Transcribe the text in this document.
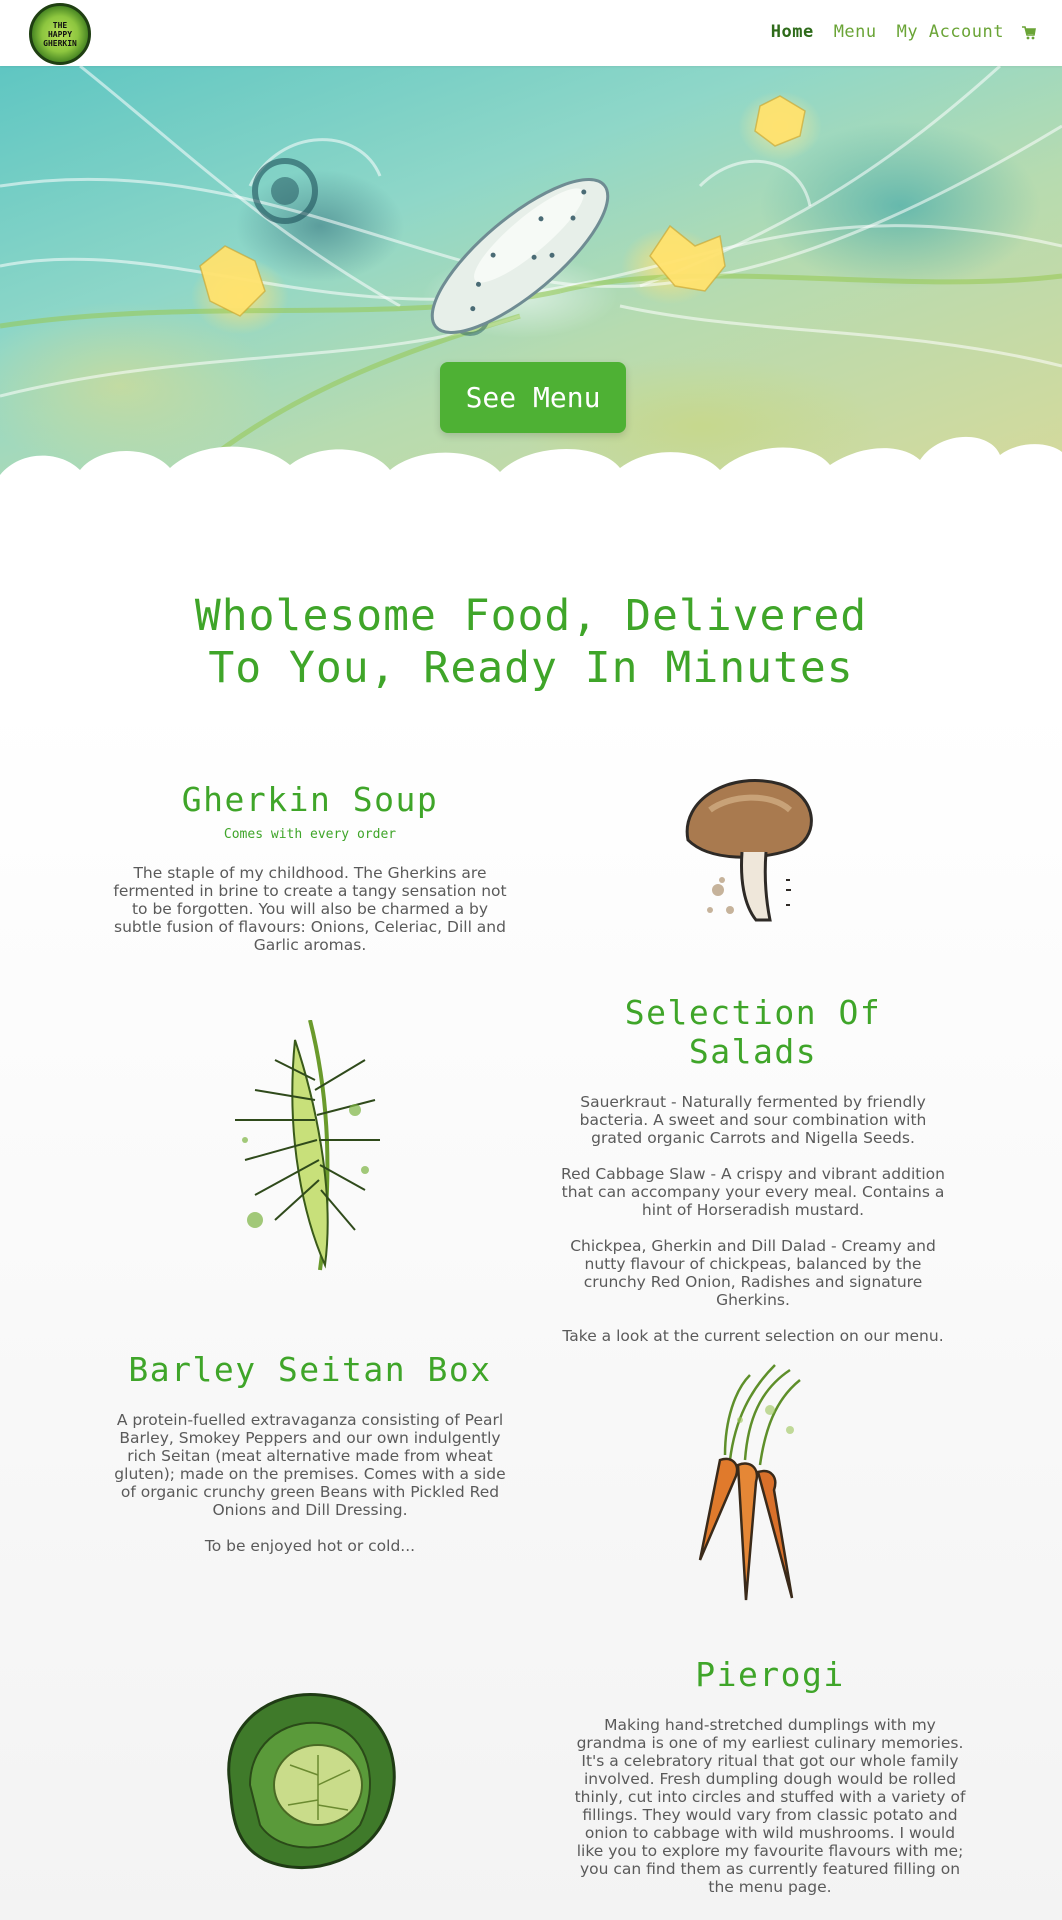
THE
HAPPY
GHERKIN
Home Menu My Account
See Menu
Wholesome Food, Delivered To You, Ready In Minutes
Gherkin Soup
Comes with every order

The staple of my childhood. The Gherkins are fermented in brine to create a tangy sensation not to be forgotten. You will also be charmed a by subtle fusion of flavours: Onions, Celeriac, Dill and Garlic aromas.

Selection Of Salads

Sauerkraut - Naturally fermented by friendly bacteria. A sweet and sour combination with grated organic Carrots and Nigella Seeds.

Red Cabbage Slaw - A crispy and vibrant addition that can accompany your every meal. Contains a hint of Horseradish mustard.

Chickpea, Gherkin and Dill Dalad - Creamy and nutty flavour of chickpeas, balanced by the crunchy Red Onion, Radishes and signature Gherkins.

Take a look at the current selection on our menu.

Barley Seitan Box

A protein-fuelled extravaganza consisting of Pearl Barley, Smokey Peppers and our own indulgently rich Seitan (meat alternative made from wheat gluten); made on the premises. Comes with a side of organic crunchy green Beans with Pickled Red Onions and Dill Dressing.

To be enjoyed hot or cold...

Pierogi

Making hand-stretched dumplings with my grandma is one of my earliest culinary memories. It's a celebratory ritual that got our whole family involved. Fresh dumpling dough would be rolled thinly, cut into circles and stuffed with a variety of fillings. They would vary from classic potato and onion to cabbage with wild mushrooms. I would like you to explore my favourite flavours with me; you can find them as currently featured filling on the menu page.
